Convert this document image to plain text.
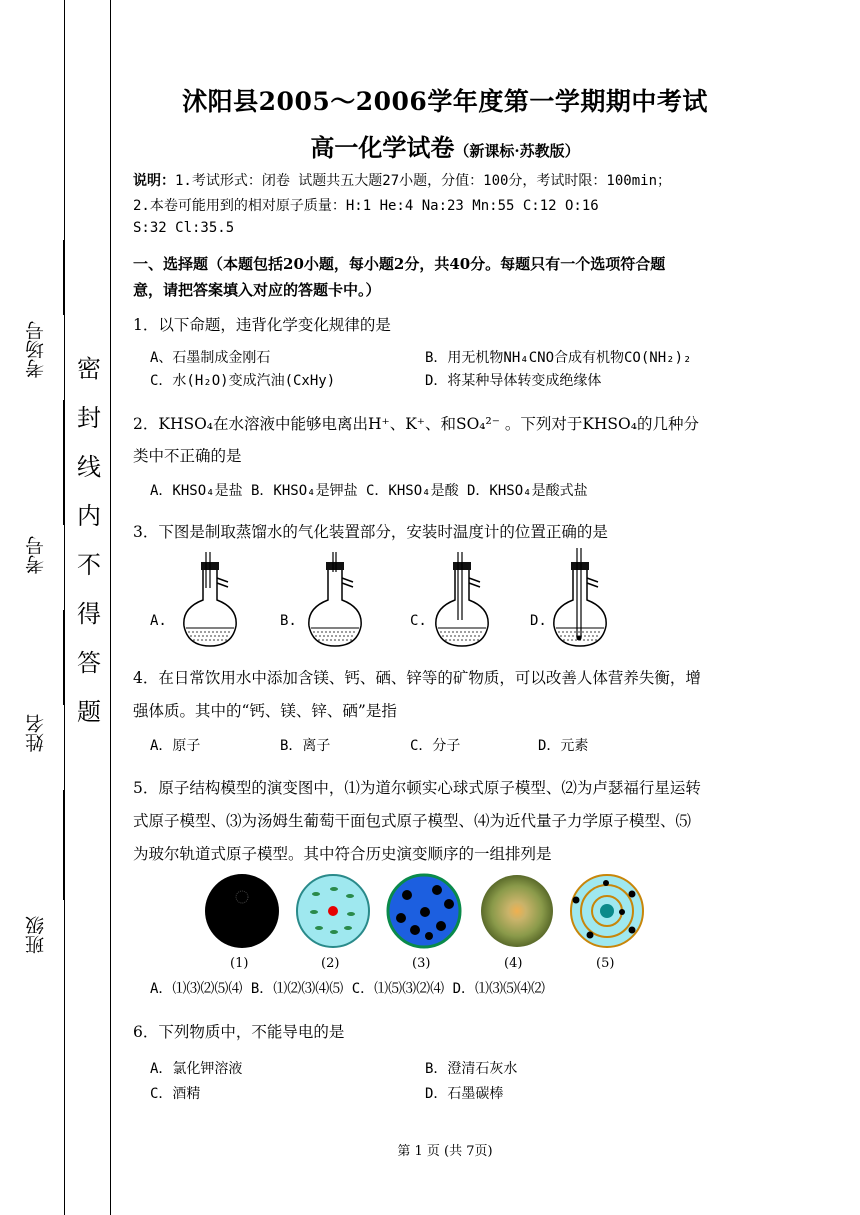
考场号
考号
姓名
班级
密
封
线
内
不
得
答
题
沭阳县2005～2006学年度第一学期期中考试
高一化学试卷（新课标·苏教版）
说明：1.考试形式：闭卷 试题共五大题27小题，分值：100分，考试时限：100min；
2.本卷可能用到的相对原子质量：H:1 He:4 Na:23 Mn:55 C:12 O:16
S:32 Cl:35.5
一、选择题（本题包括20小题，每小题2分，共40分。每题只有一个选项符合题
意，请把答案填入对应的答题卡中。）
1．以下命题，违背化学变化规律的是
A、石墨制成金刚石	B．用无机物NH₄CNO合成有机物CO(NH₂)₂
C．水(H₂O)变成汽油(CxHy)	D．将某种导体转变成绝缘体
2．KHSO₄在水溶液中能够电离出H⁺、K⁺、和SO₄²⁻ 。下列对于KHSO₄的几种分
类中不正确的是
A．KHSO₄是盐 B．KHSO₄是钾盐 C．KHSO₄是酸 D．KHSO₄是酸式盐
3．下图是制取蒸馏水的气化装置部分，安装时温度计的位置正确的是
A.	B.	C.	D.
4．在日常饮用水中添加含镁、钙、硒、锌等的矿物质，可以改善人体营养失衡，增
强体质。其中的“钙、镁、锌、硒”是指
A．原子	B．离子	C．分子	D．元素
5．原子结构模型的演变图中，⑴为道尔顿实心球式原子模型、⑵为卢瑟福行星运转
式原子模型、⑶为汤姆生葡萄干面包式原子模型、⑷为近代量子力学原子模型、⑸
为玻尔轨道式原子模型。其中符合历史演变顺序的一组排列是
(1)	(2)	(3)	(4)	(5)
A．⑴⑶⑵⑸⑷ B．⑴⑵⑶⑷⑸ C．⑴⑸⑶⑵⑷ D．⑴⑶⑸⑷⑵
6．下列物质中，不能导电的是
A．氯化钾溶液	B．澄清石灰水
C．酒精	D．石墨碳棒
第 1 页 (共 7页)
